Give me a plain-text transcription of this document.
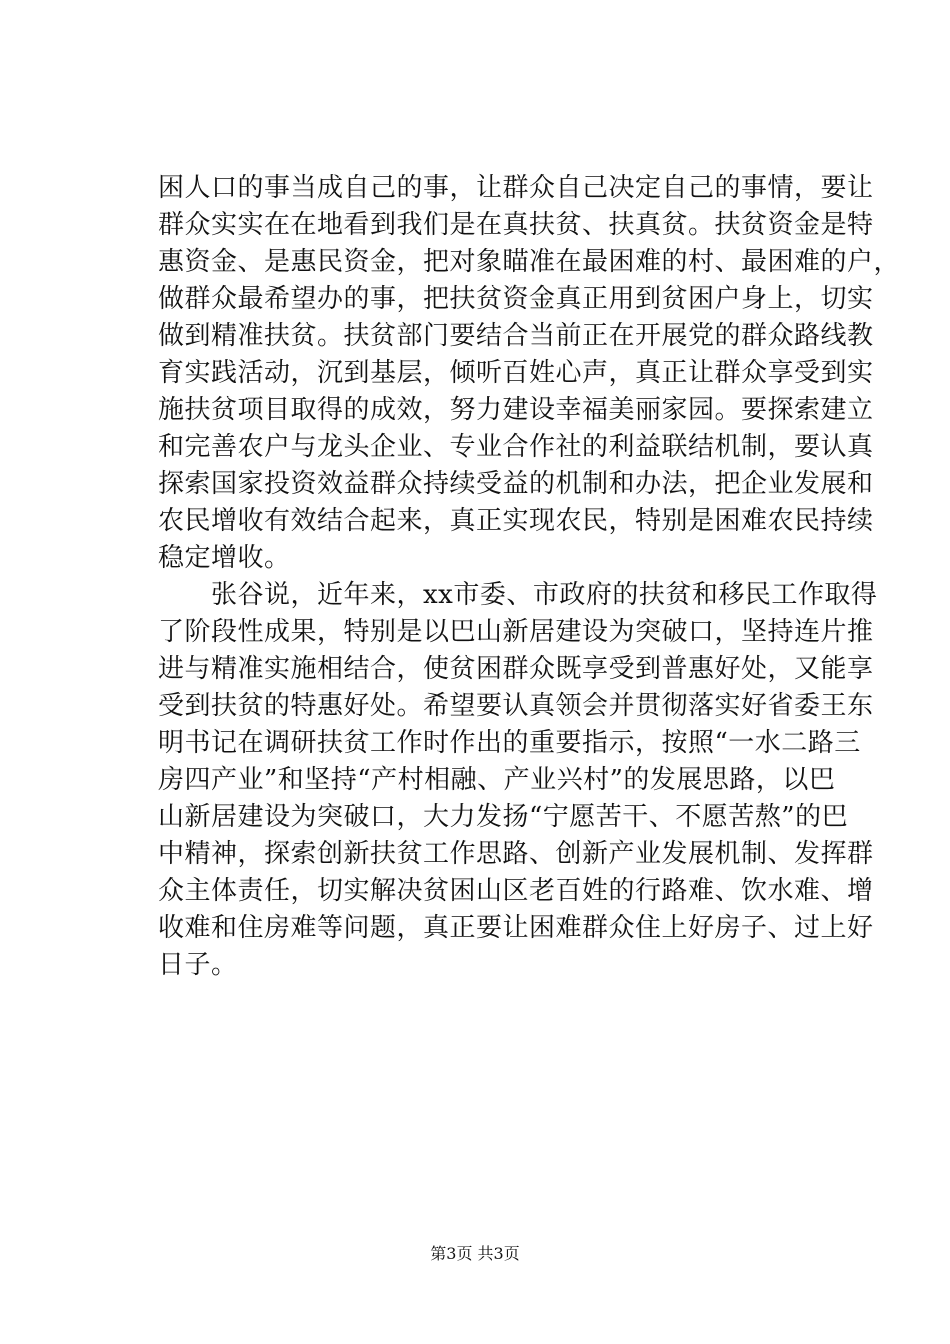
困人口的事当成自己的事，让群众自己决定自己的事情，要让
群众实实在在地看到我们是在真扶贫、扶真贫。扶贫资金是特
惠资金、是惠民资金，把对象瞄准在最困难的村、最困难的户，
做群众最希望办的事，把扶贫资金真正用到贫困户身上，切实
做到精准扶贫。扶贫部门要结合当前正在开展党的群众路线教
育实践活动，沉到基层，倾听百姓心声，真正让群众享受到实
施扶贫项目取得的成效，努力建设幸福美丽家园。要探索建立
和完善农户与龙头企业、专业合作社的利益联结机制，要认真
探索国家投资效益群众持续受益的机制和办法，把企业发展和
农民增收有效结合起来，真正实现农民，特别是困难农民持续
稳定增收。
　　张谷说，近年来，xx市委、市政府的扶贫和移民工作取得
了阶段性成果，特别是以巴山新居建设为突破口，坚持连片推
进与精准实施相结合，使贫困群众既享受到普惠好处，又能享
受到扶贫的特惠好处。希望要认真领会并贯彻落实好省委王东
明书记在调研扶贫工作时作出的重要指示，按照“一水二路三
房四产业”和坚持“产村相融、产业兴村”的发展思路，以巴
山新居建设为突破口，大力发扬“宁愿苦干、不愿苦熬”的巴
中精神，探索创新扶贫工作思路、创新产业发展机制、发挥群
众主体责任，切实解决贫困山区老百姓的行路难、饮水难、增
收难和住房难等问题，真正要让困难群众住上好房子、过上好
日子。
第3页 共3页
